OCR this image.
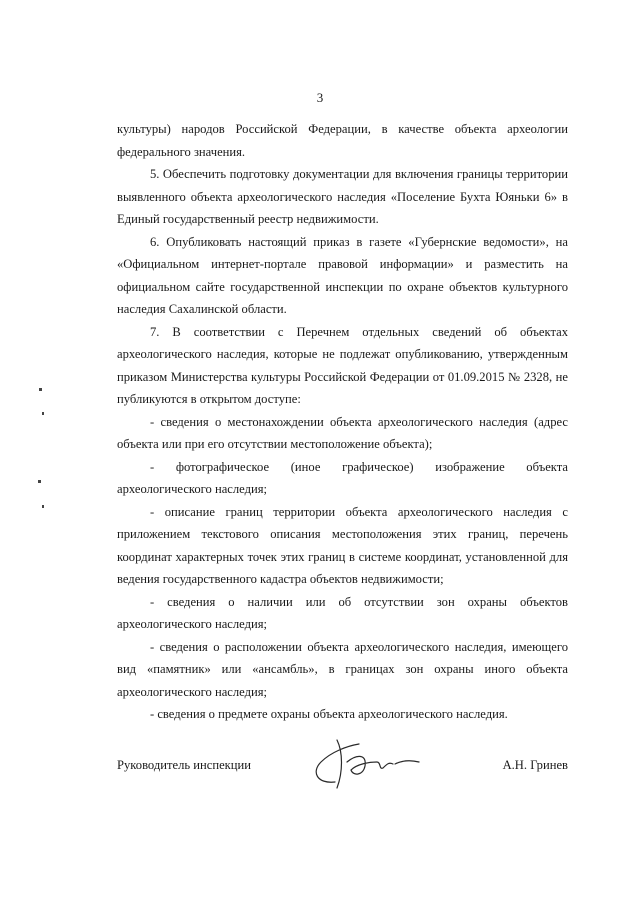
3

культуры) народов Российской Федерации, в качестве объекта археологии федерального значения.

5. Обеспечить подготовку документации для включения границы территории выявленного объекта археологического наследия «Поселение Бухта Юяньки 6» в Единый государственный реестр недвижимости.

6. Опубликовать настоящий приказ в газете «Губернские ведомости», на «Официальном интернет-портале правовой информации» и разместить на официальном сайте государственной инспекции по охране объектов культурного наследия Сахалинской области.

7. В соответствии с Перечнем отдельных сведений об объектах археологического наследия, которые не подлежат опубликованию, утвержденным приказом Министерства культуры Российской Федерации от 01.09.2015 № 2328, не публикуются в открытом доступе:

- сведения о местонахождении объекта археологического наследия (адрес объекта или при его отсутствии местоположение объекта);

- фотографическое (иное графическое) изображение объекта археологического наследия;

- описание границ территории объекта археологического наследия с приложением текстового описания местоположения этих границ, перечень координат характерных точек этих границ в системе координат, установленной для ведения государственного кадастра объектов недвижимости;

- сведения о наличии или об отсутствии зон охраны объектов археологического наследия;

- сведения о расположении объекта археологического наследия, имеющего вид «памятник» или «ансамбль», в границах зон охраны иного объекта археологического наследия;

- сведения о предмете охраны объекта археологического наследия.

Руководитель инспекции	А.Н. Гринев
